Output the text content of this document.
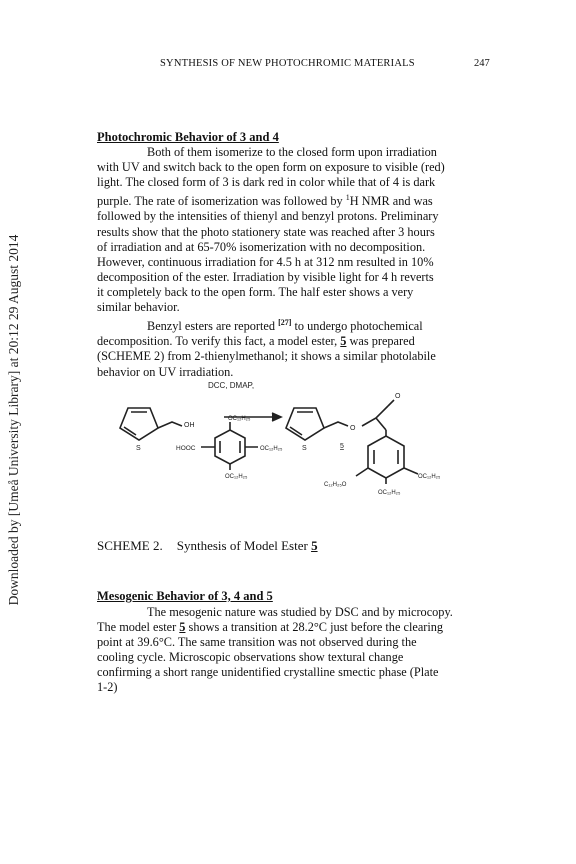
Downloaded by [Umeå University Library] at 20:12 29 August 2014
SYNTHESIS OF NEW PHOTOCHROMIC MATERIALS	247
Photochromic Behavior of 3 and 4

Both of them isomerize to the closed form upon irradiation

with UV and switch back to the open form on exposure to visible (red)

light. The closed form of 3 is dark red in color while that of 4 is dark

purple. The rate of isomerization was followed by $^1$H NMR and was

followed by the intensities of thienyl and benzyl protons. Preliminary

results show that the photo stationery state was reached after 3 hours

of irradiation and at 65-70% isomerization with no decomposition.

However, continuous irradiation for 4.5 h at 312 nm resulted in 10%

decomposition of the ester. Irradiation by visible light for 4 h reverts

it completely back to the open form. The half ester shows a very

similar behavior.

Benzyl esters are reported [27] to undergo photochemical

decomposition. To verify this fact, a model ester, 5 was prepared

(SCHEME 2) from 2-thienylmethanol; it shows a similar photolabile

behavior on UV irradiation.

DCC, DMAP,
OH
S	S
HOOC
OC₁₂H₂₅
OC₁₂H₂₅
OC₁₂H₂₅
O
O
5
OC₁₂H₂₅
C₁₂H₂₅O
OC₁₂H₂₅
SCHEME 2. Synthesis of Model Ester 5
Mesogenic Behavior of 3, 4 and 5

The mesogenic nature was studied by DSC and by microcopy.

The model ester 5 shows a transition at 28.2°C just before the clearing

point at 39.6°C. The same transition was not observed during the

cooling cycle. Microscopic observations show textural change

confirming a short range unidentified crystalline smectic phase (Plate

1-2)
